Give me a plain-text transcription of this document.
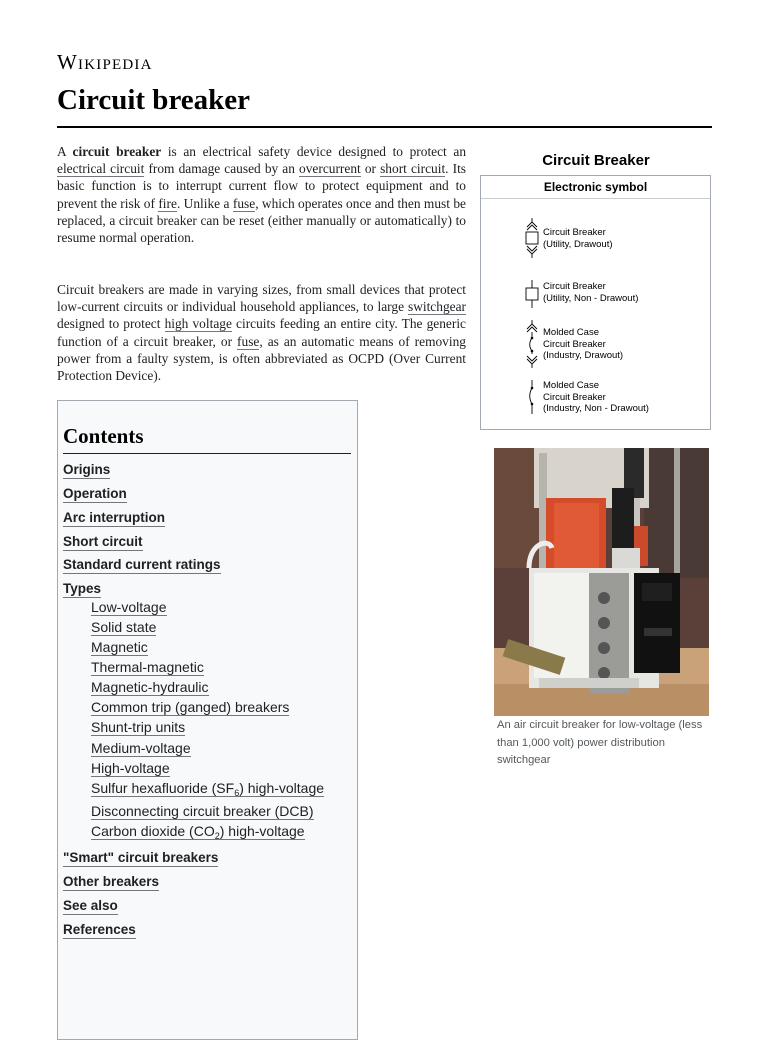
Wikipedia
Circuit breaker

A circuit breaker is an electrical safety device designed to protect an electrical circuit from damage caused by an overcurrent or short circuit. Its basic function is to interrupt current flow to protect equipment and to prevent the risk of fire. Unlike a fuse, which operates once and then must be replaced, a circuit breaker can be reset (either manually or automatically) to resume normal operation.

Circuit breakers are made in varying sizes, from small devices that protect low-current circuits or individual household appliances, to large switchgear designed to protect high voltage circuits feeding an entire city. The generic function of a circuit breaker, or fuse, as an automatic means of removing power from a faulty system, is often abbreviated as OCPD (Over Current Protection Device).

Circuit Breaker
Electronic symbol
Circuit Breaker
(Utility, Drawout)
Circuit Breaker
(Utility, Non - Drawout)
Molded Case
Circuit Breaker
(Industry, Drawout)
Molded Case
Circuit Breaker
(Industry, Non - Drawout)

An air circuit breaker for low-voltage (less than 1,000 volt) power distribution switchgear

Contents
Origins
Operation
Arc interruption
Short circuit
Standard current ratings
Types
Low-voltage
Solid state
Magnetic
Thermal-magnetic
Magnetic-hydraulic
Common trip (ganged) breakers
Shunt-trip units
Medium-voltage
High-voltage
Sulfur hexafluoride $(SF_6)$ high-voltage
Disconnecting circuit breaker (DCB)
Carbon dioxide $(CO_2)$ high-voltage
"Smart" circuit breakers
Other breakers
See also
References
